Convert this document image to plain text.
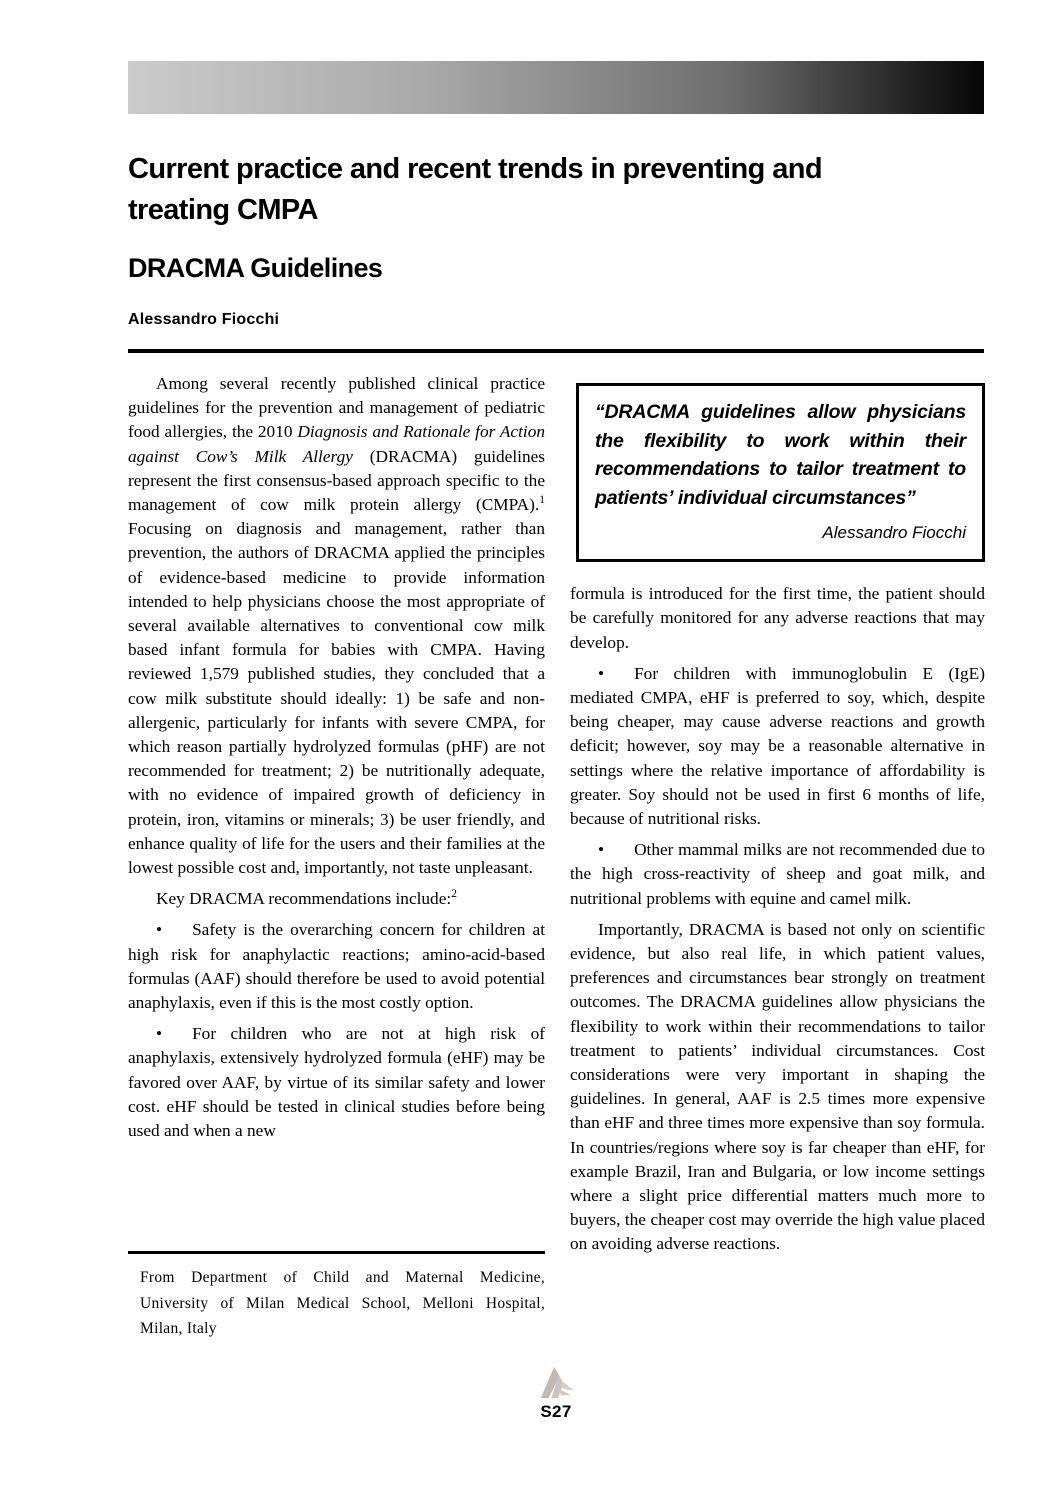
Current practice and recent trends in preventing and
treating CMPA
DRACMA Guidelines
Alessandro Fiocchi

Among several recently published clinical practice guidelines for the prevention and management of pediatric food allergies, the 2010 Diagnosis and Rationale for Action against Cow’s Milk Allergy (DRACMA) guidelines represent the first consensus-based approach specific to the management of cow milk protein allergy (CMPA).$^1$ Focusing on diagnosis and management, rather than prevention, the authors of DRACMA applied the principles of evidence-based medicine to provide information intended to help physicians choose the most appropriate of several available alternatives to conventional cow milk based infant formula for babies with CMPA. Having reviewed 1,579 published studies, they concluded that a cow milk substitute should ideally: 1) be safe and non-allergenic, particularly for infants with severe CMPA, for which reason partially hydrolyzed formulas (pHF) are not recommended for treatment; 2) be nutritionally adequate, with no evidence of impaired growth of deficiency in protein, iron, vitamins or minerals; 3) be user friendly, and enhance quality of life for the users and their families at the lowest possible cost and, importantly, not taste unpleasant.

Key DRACMA recommendations include:$^2$

• Safety is the overarching concern for children at high risk for anaphylactic reactions; amino-acid-based formulas (AAF) should therefore be used to avoid potential anaphylaxis, even if this is the most costly option.

• For children who are not at high risk of anaphylaxis, extensively hydrolyzed formula (eHF) may be favored over AAF, by virtue of its similar safety and lower cost. eHF should be tested in clinical studies before being used and when a new

“DRACMA guidelines allow physicians the flexibility to work within their recommendations to tailor treatment to patients’ individual circumstances”
Alessandro Fiocchi

formula is introduced for the first time, the patient should be carefully monitored for any adverse reactions that may develop.

• For children with immunoglobulin E (IgE) mediated CMPA, eHF is preferred to soy, which, despite being cheaper, may cause adverse reactions and growth deficit; however, soy may be a reasonable alternative in settings where the relative importance of affordability is greater. Soy should not be used in first 6 months of life, because of nutritional risks.

• Other mammal milks are not recommended due to the high cross-reactivity of sheep and goat milk, and nutritional problems with equine and camel milk.

Importantly, DRACMA is based not only on scientific evidence, but also real life, in which patient values, preferences and circumstances bear strongly on treatment outcomes. The DRACMA guidelines allow physicians the flexibility to work within their recommendations to tailor treatment to patients’ individual circumstances. Cost considerations were very important in shaping the guidelines. In general, AAF is 2.5 times more expensive than eHF and three times more expensive than soy formula. In countries/regions where soy is far cheaper than eHF, for example Brazil, Iran and Bulgaria, or low income settings where a slight price differential matters much more to buyers, the cheaper cost may override the high value placed on avoiding adverse reactions.

From Department of Child and Maternal Medicine,
University of Milan Medical School, Melloni Hospital,
Milan, Italy
S27
